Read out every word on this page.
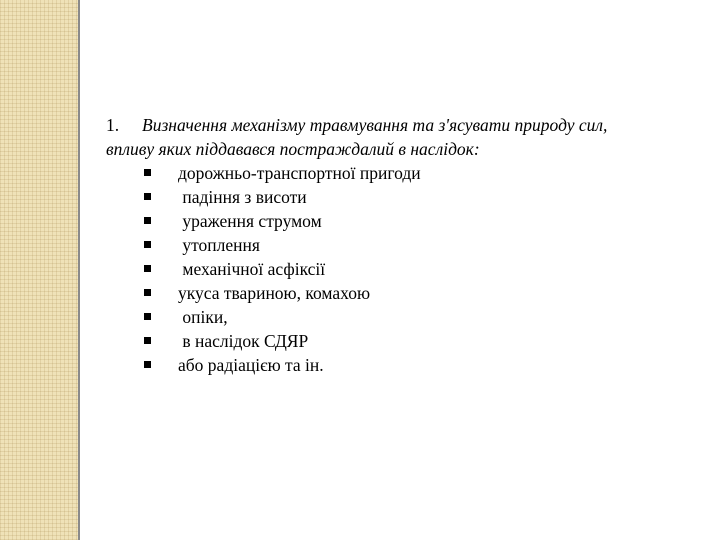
1. Визначення механізму травмування та з'ясувати природу сил,
впливу яких піддавався постраждалий в наслідок:

дорожньо-транспортної пригоди
падіння з висоти
ураження струмом
утоплення
механічної асфіксії
укуса твариною, комахою
опіки,
в наслідок СДЯР
або радіацією та ін.
